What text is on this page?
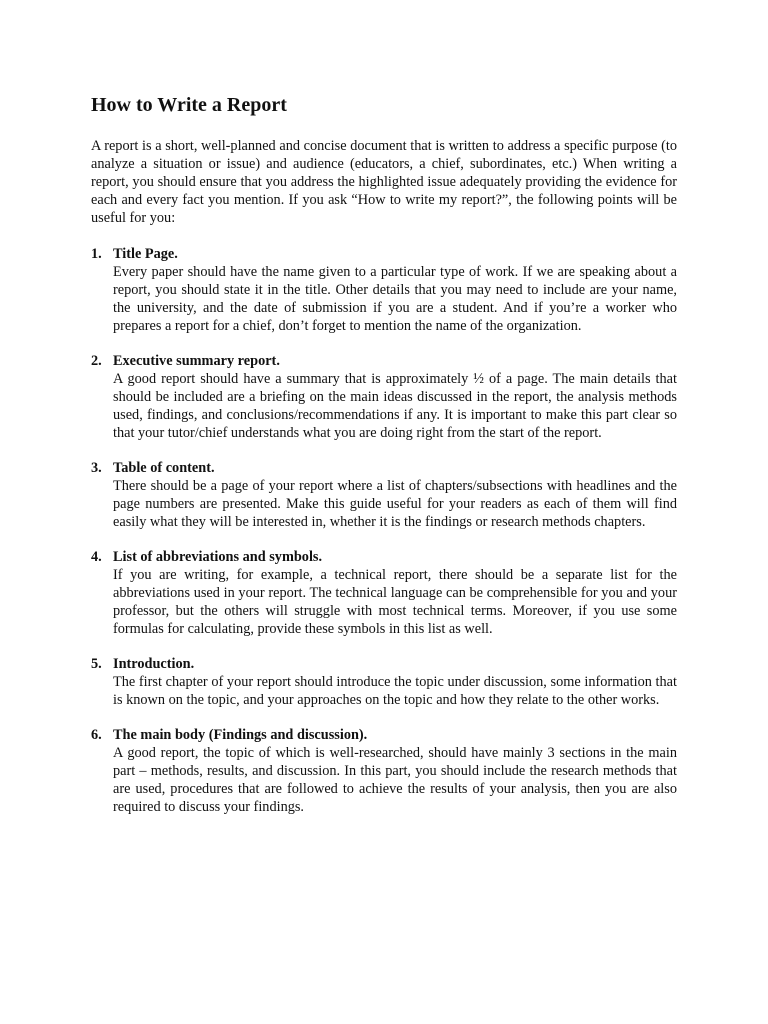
How to Write a Report

A report is a short, well-planned and concise document that is written to address a specific purpose (to analyze a situation or issue) and audience (educators, a chief, subordinates, etc.) When writing a report, you should ensure that you address the highlighted issue adequately providing the evidence for each and every fact you mention. If you ask “How to write my report?”, the following points will be useful for you:

1. Title Page.

Every paper should have the name given to a particular type of work. If we are speaking about a report, you should state it in the title. Other details that you may need to include are your name, the university, and the date of submission if you are a student. And if you’re a worker who prepares a report for a chief, don’t forget to mention the name of the organization.

2. Executive summary report.

A good report should have a summary that is approximately ½ of a page. The main details that should be included are a briefing on the main ideas discussed in the report, the analysis methods used, findings, and conclusions/recommendations if any. It is important to make this part clear so that your tutor/chief understands what you are doing right from the start of the report.

3. Table of content.

There should be a page of your report where a list of chapters/subsections with headlines and the page numbers are presented. Make this guide useful for your readers as each of them will find easily what they will be interested in, whether it is the findings or research methods chapters.

4. List of abbreviations and symbols.

If you are writing, for example, a technical report, there should be a separate list for the abbreviations used in your report. The technical language can be comprehensible for you and your professor, but the others will struggle with most technical terms. Moreover, if you use some formulas for calculating, provide these symbols in this list as well.

5. Introduction.

The first chapter of your report should introduce the topic under discussion, some information that is known on the topic, and your approaches on the topic and how they relate to the other works.

6. The main body (Findings and discussion).

A good report, the topic of which is well-researched, should have mainly 3 sections in the main part – methods, results, and discussion. In this part, you should include the research methods that are used, procedures that are followed to achieve the results of your analysis, then you are also required to discuss your findings.
